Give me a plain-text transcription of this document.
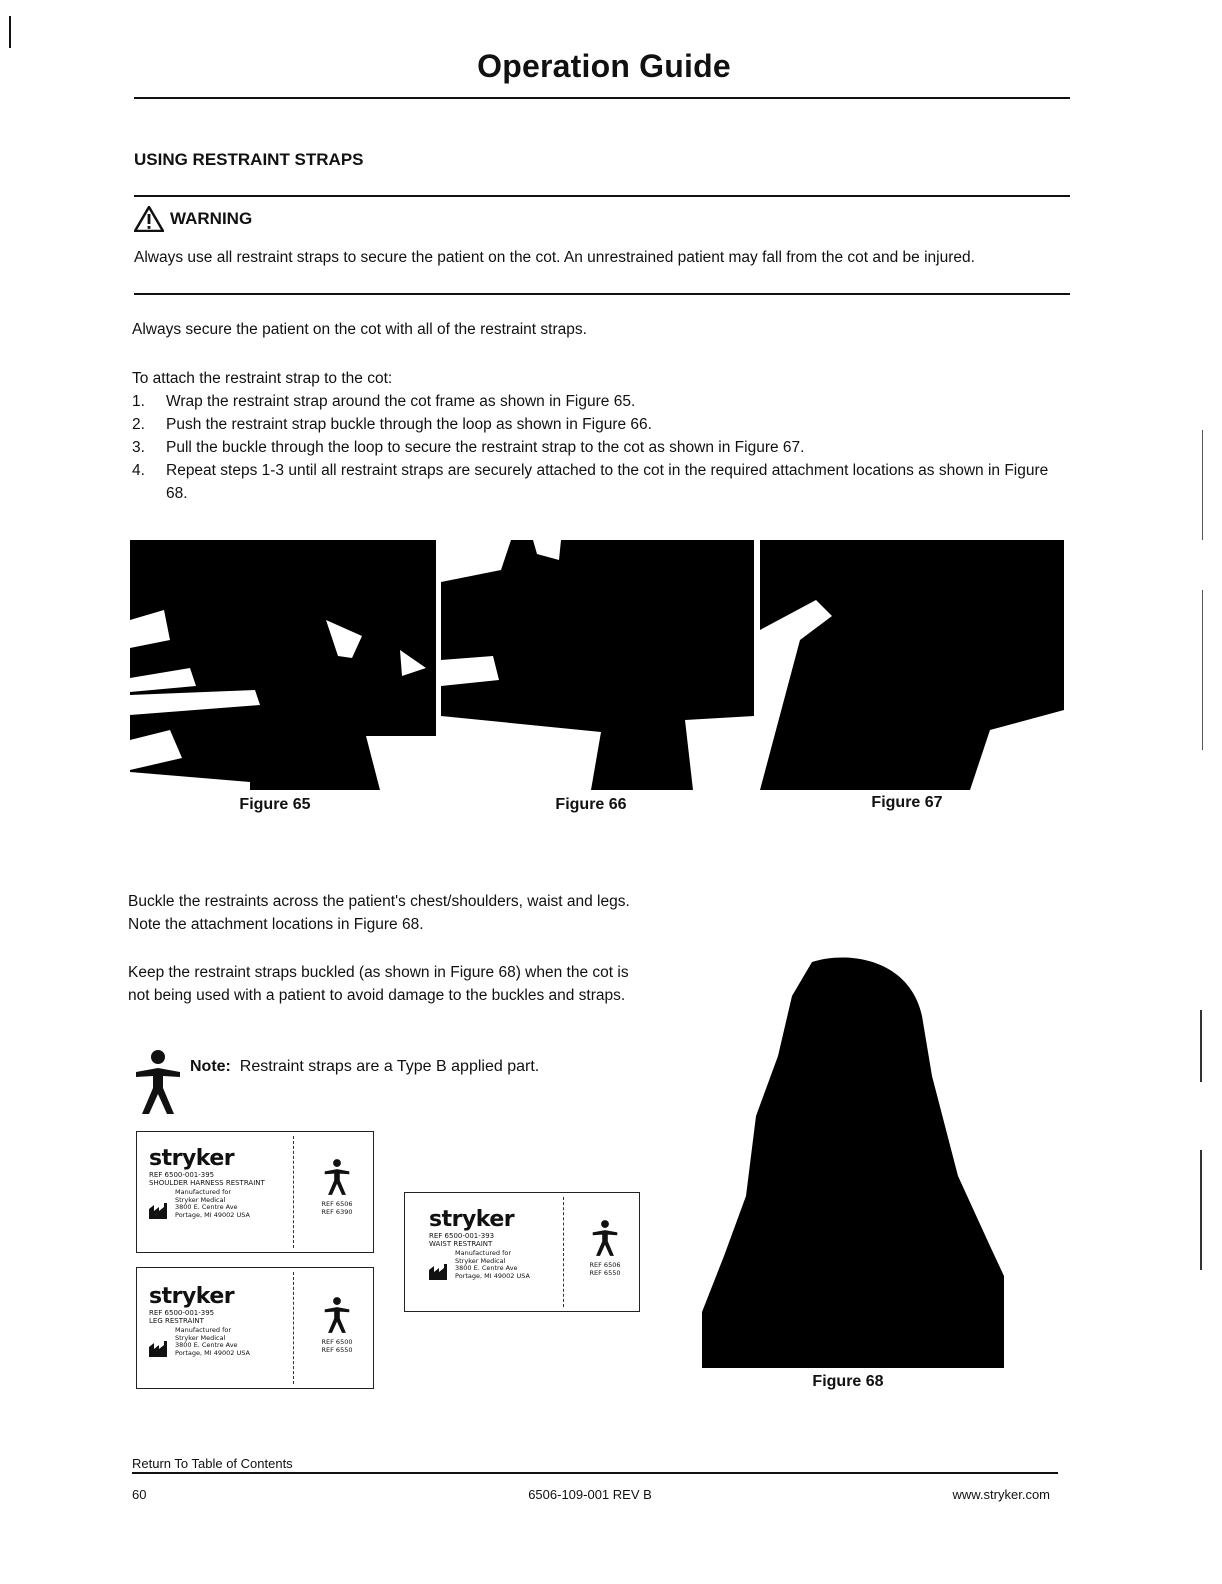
Operation Guide
USING RESTRAINT STRAPS
WARNING
Always use all restraint straps to secure the patient on the cot. An unrestrained patient may fall from the cot and be injured.
Always secure the patient on the cot with all of the restraint straps.
To attach the restraint strap to the cot:
1. Wrap the restraint strap around the cot frame as shown in Figure 65.
2. Push the restraint strap buckle through the loop as shown in Figure 66.
3. Pull the buckle through the loop to secure the restraint strap to the cot as shown in Figure 67.
4. Repeat steps 1-3 until all restraint straps are securely attached to the cot in the required attachment locations as shown in Figure 68.
Figure 65	Figure 66	Figure 67
Buckle the restraints across the patient's chest/shoulders, waist and legs. Note the attachment locations in Figure 68.
Keep the restraint straps buckled (as shown in Figure 68) when the cot is not being used with a patient to avoid damage to the buckles and straps.
Note: Restraint straps are a Type B applied part.
stryker
REF 6500-001-395
SHOULDER HARNESS RESTRAINT
Manufactured for
Stryker Medical
3800 E. Centre Ave
Portage, MI 49002 USA
REF 6506
REF 6390
stryker
REF 6500-001-395
LEG RESTRAINT
Manufactured for
Stryker Medical
3800 E. Centre Ave
Portage, MI 49002 USA
REF 6500
REF 6550
stryker
REF 6500-001-393
WAIST RESTRAINT
Manufactured for
Stryker Medical
3800 E. Centre Ave
Portage, MI 49002 USA
REF 6506
REF 6550
Figure 68
Return To Table of Contents
60	6506-109-001 REV B	www.stryker.com
